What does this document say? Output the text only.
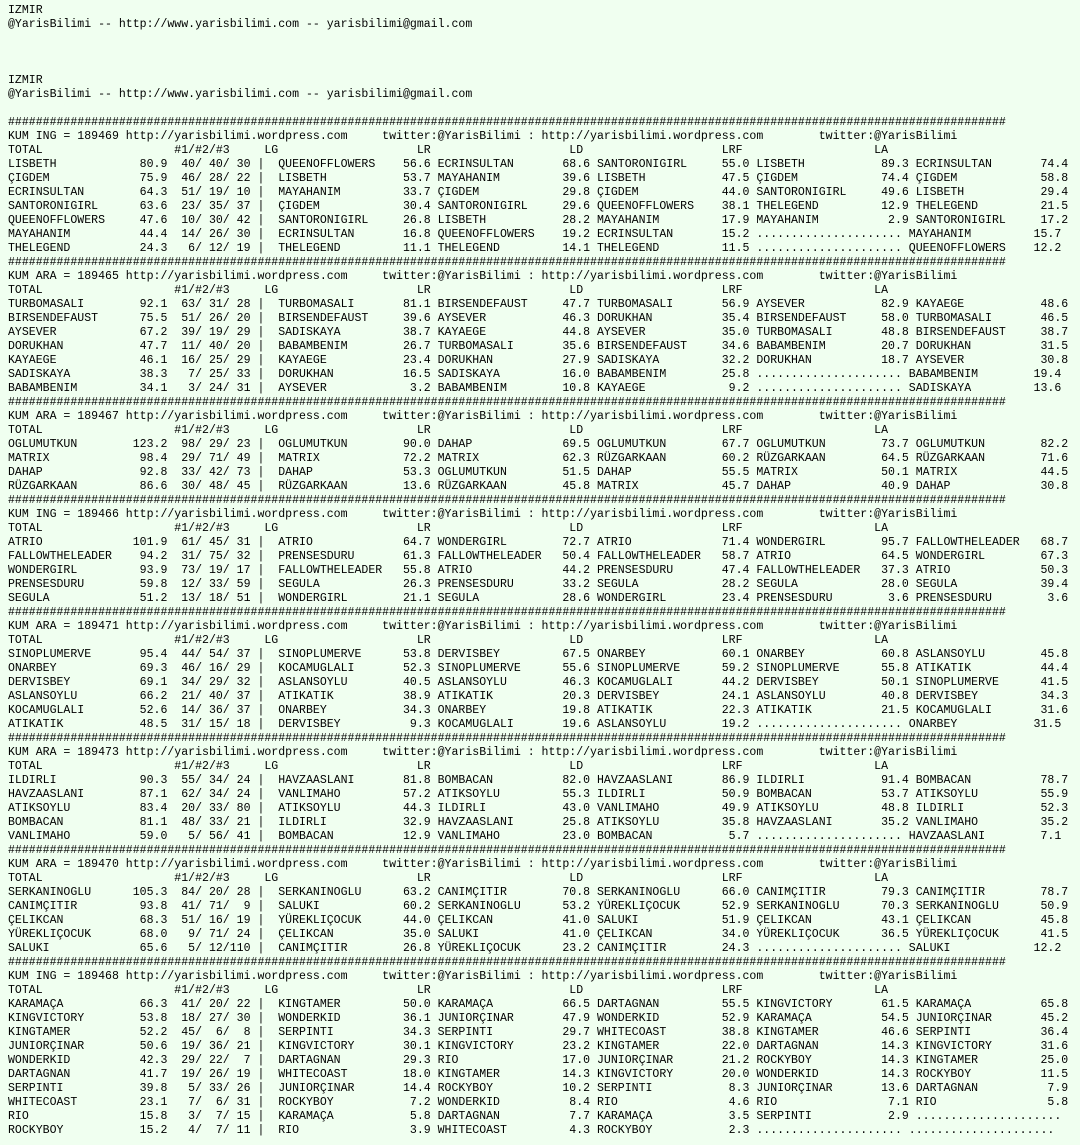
IZMIR
@YarisBilimi -- http://www.yarisbilimi.com -- yarisbilimi@gmail.com
IZMIR
@YarisBilimi -- http://www.yarisbilimi.com -- yarisbilimi@gmail.com
################################################################################################################################################
KUM ING = 189469 http://yarisbilimi.wordpress.com     twitter:@YarisBilimi : http://yarisbilimi.wordpress.com        twitter:@YarisBilimi
TOTAL                   #1/#2/#3     LG                    LR                    LD                    LRF                   LA
LISBETH            80.9  40/ 40/ 30 |  QUEENOFFLOWERS    56.6 ECRINSULTAN       68.6 SANTORONIGIRL     55.0 LISBETH           89.3 ECRINSULTAN       74.4
ÇIGDEM             75.9  46/ 28/ 22 |  LISBETH           53.7 MAYAHANIM         39.6 LISBETH           47.5 ÇIGDEM            74.4 ÇIGDEM            58.8
ECRINSULTAN        64.3  51/ 19/ 10 |  MAYAHANIM         33.7 ÇIGDEM            29.8 ÇIGDEM            44.0 SANTORONIGIRL     49.6 LISBETH           29.4
SANTORONIGIRL      63.6  23/ 35/ 37 |  ÇIGDEM            30.4 SANTORONIGIRL     29.6 QUEENOFFLOWERS    38.1 THELEGEND         12.9 THELEGEND         21.5
QUEENOFFLOWERS     47.6  10/ 30/ 42 |  SANTORONIGIRL     26.8 LISBETH           28.2 MAYAHANIM         17.9 MAYAHANIM          2.9 SANTORONIGIRL     17.2
MAYAHANIM          44.4  14/ 26/ 30 |  ECRINSULTAN       16.8 QUEENOFFLOWERS    19.2 ECRINSULTAN       15.2 ..................... MAYAHANIM         15.7
THELEGEND          24.3   6/ 12/ 19 |  THELEGEND         11.1 THELEGEND         14.1 THELEGEND         11.5 ..................... QUEENOFFLOWERS    12.2
################################################################################################################################################
KUM ARA = 189465 http://yarisbilimi.wordpress.com     twitter:@YarisBilimi : http://yarisbilimi.wordpress.com        twitter:@YarisBilimi
TOTAL                   #1/#2/#3     LG                    LR                    LD                    LRF                   LA
TURBOMASALI        92.1  63/ 31/ 28 |  TURBOMASALI       81.1 BIRSENDEFAUST     47.7 TURBOMASALI       56.9 AYSEVER           82.9 KAYAEGE           48.6
BIRSENDEFAUST      75.5  51/ 26/ 20 |  BIRSENDEFAUST     39.6 AYSEVER           46.3 DORUKHAN          35.4 BIRSENDEFAUST     58.0 TURBOMASALI       46.5
AYSEVER            67.2  39/ 19/ 29 |  SADISKAYA         38.7 KAYAEGE           44.8 AYSEVER           35.0 TURBOMASALI       48.8 BIRSENDEFAUST     38.7
DORUKHAN           47.7  11/ 40/ 20 |  BABAMBENIM        26.7 TURBOMASALI       35.6 BIRSENDEFAUST     34.6 BABAMBENIM        20.7 DORUKHAN          31.5
KAYAEGE            46.1  16/ 25/ 29 |  KAYAEGE           23.4 DORUKHAN          27.9 SADISKAYA         32.2 DORUKHAN          18.7 AYSEVER           30.8
SADISKAYA          38.3   7/ 25/ 33 |  DORUKHAN          16.5 SADISKAYA         16.0 BABAMBENIM        25.8 ..................... BABAMBENIM        19.4
BABAMBENIM         34.1   3/ 24/ 31 |  AYSEVER            3.2 BABAMBENIM        10.8 KAYAEGE            9.2 ..................... SADISKAYA         13.6
################################################################################################################################################
KUM ARA = 189467 http://yarisbilimi.wordpress.com     twitter:@YarisBilimi : http://yarisbilimi.wordpress.com        twitter:@YarisBilimi
TOTAL                   #1/#2/#3     LG                    LR                    LD                    LRF                   LA
OGLUMUTKUN        123.2  98/ 29/ 23 |  OGLUMUTKUN        90.0 DAHAP             69.5 OGLUMUTKUN        67.7 OGLUMUTKUN        73.7 OGLUMUTKUN        82.2
MATRIX             98.4  29/ 71/ 49 |  MATRIX            72.2 MATRIX            62.3 RÜZGARKAAN        60.2 RÜZGARKAAN        64.5 RÜZGARKAAN        71.6
DAHAP              92.8  33/ 42/ 73 |  DAHAP             53.3 OGLUMUTKUN        51.5 DAHAP             55.5 MATRIX            50.1 MATRIX            44.5
RÜZGARKAAN         86.6  30/ 48/ 45 |  RÜZGARKAAN        13.6 RÜZGARKAAN        45.8 MATRIX            45.7 DAHAP             40.9 DAHAP             30.8
################################################################################################################################################
KUM ING = 189466 http://yarisbilimi.wordpress.com     twitter:@YarisBilimi : http://yarisbilimi.wordpress.com        twitter:@YarisBilimi
TOTAL                   #1/#2/#3     LG                    LR                    LD                    LRF                   LA
ATRIO             101.9  61/ 45/ 31 |  ATRIO             64.7 WONDERGIRL        72.7 ATRIO             71.4 WONDERGIRL        95.7 FALLOWTHELEADER   68.7
FALLOWTHELEADER    94.2  31/ 75/ 32 |  PRENSESDURU       61.3 FALLOWTHELEADER   50.4 FALLOWTHELEADER   58.7 ATRIO             64.5 WONDERGIRL        67.3
WONDERGIRL         93.9  73/ 19/ 17 |  FALLOWTHELEADER   55.8 ATRIO             44.2 PRENSESDURU       47.4 FALLOWTHELEADER   37.3 ATRIO             50.3
PRENSESDURU        59.8  12/ 33/ 59 |  SEGULA            26.3 PRENSESDURU       33.2 SEGULA            28.2 SEGULA            28.0 SEGULA            39.4
SEGULA             51.2  13/ 18/ 51 |  WONDERGIRL        21.1 SEGULA            28.6 WONDERGIRL        23.4 PRENSESDURU        3.6 PRENSESDURU        3.6
################################################################################################################################################
KUM ARA = 189471 http://yarisbilimi.wordpress.com     twitter:@YarisBilimi : http://yarisbilimi.wordpress.com        twitter:@YarisBilimi
TOTAL                   #1/#2/#3     LG                    LR                    LD                    LRF                   LA
SINOPLUMERVE       95.4  44/ 54/ 37 |  SINOPLUMERVE      53.8 DERVISBEY         67.5 ONARBEY           60.1 ONARBEY           60.8 ASLANSOYLU        45.8
ONARBEY            69.3  46/ 16/ 29 |  KOCAMUGLALI       52.3 SINOPLUMERVE      55.6 SINOPLUMERVE      59.2 SINOPLUMERVE      55.8 ATIKATIK          44.4
DERVISBEY          69.1  34/ 29/ 32 |  ASLANSOYLU        40.5 ASLANSOYLU        46.3 KOCAMUGLALI       44.2 DERVISBEY         50.1 SINOPLUMERVE      41.5
ASLANSOYLU         66.2  21/ 40/ 37 |  ATIKATIK          38.9 ATIKATIK          20.3 DERVISBEY         24.1 ASLANSOYLU        40.8 DERVISBEY         34.3
KOCAMUGLALI        52.6  14/ 36/ 37 |  ONARBEY           34.3 ONARBEY           19.8 ATIKATIK          22.3 ATIKATIK          21.5 KOCAMUGLALI       31.6
ATIKATIK           48.5  31/ 15/ 18 |  DERVISBEY          9.3 KOCAMUGLALI       19.6 ASLANSOYLU        19.2 ..................... ONARBEY           31.5
################################################################################################################################################
KUM ARA = 189473 http://yarisbilimi.wordpress.com     twitter:@YarisBilimi : http://yarisbilimi.wordpress.com        twitter:@YarisBilimi
TOTAL                   #1/#2/#3     LG                    LR                    LD                    LRF                   LA
ILDIRLI            90.3  55/ 34/ 24 |  HAVZAASLANI       81.8 BOMBACAN          82.0 HAVZAASLANI       86.9 ILDIRLI           91.4 BOMBACAN          78.7
HAVZAASLANI        87.1  62/ 34/ 24 |  VANLIMAHO         57.2 ATIKSOYLU         55.3 ILDIRLI           50.9 BOMBACAN          53.7 ATIKSOYLU         55.9
ATIKSOYLU          83.4  20/ 33/ 80 |  ATIKSOYLU         44.3 ILDIRLI           43.0 VANLIMAHO         49.9 ATIKSOYLU         48.8 ILDIRLI           52.3
BOMBACAN           81.1  48/ 33/ 21 |  ILDIRLI           32.9 HAVZAASLANI       25.8 ATIKSOYLU         35.8 HAVZAASLANI       35.2 VANLIMAHO         35.2
VANLIMAHO          59.0   5/ 56/ 41 |  BOMBACAN          12.9 VANLIMAHO         23.0 BOMBACAN           5.7 ..................... HAVZAASLANI        7.1
################################################################################################################################################
KUM ARA = 189470 http://yarisbilimi.wordpress.com     twitter:@YarisBilimi : http://yarisbilimi.wordpress.com        twitter:@YarisBilimi
TOTAL                   #1/#2/#3     LG                    LR                    LD                    LRF                   LA
SERKANINOGLU      105.3  84/ 20/ 28 |  SERKANINOGLU      63.2 CANIMÇITIR        70.8 SERKANINOGLU      66.0 CANIMÇITIR        79.3 CANIMÇITIR        78.7
CANIMÇITIR         93.8  41/ 71/  9 |  SALUKI            60.2 SERKANINOGLU      53.2 YÜREKLIÇOCUK      52.9 SERKANINOGLU      70.3 SERKANINOGLU      50.9
ÇELIKCAN           68.3  51/ 16/ 19 |  YÜREKLIÇOCUK      44.0 ÇELIKCAN          41.0 SALUKI            51.9 ÇELIKCAN          43.1 ÇELIKCAN          45.8
YÜREKLIÇOCUK       68.0   9/ 71/ 24 |  ÇELIKCAN          35.0 SALUKI            41.0 ÇELIKCAN          34.0 YÜREKLIÇOCUK      36.5 YÜREKLIÇOCUK      41.5
SALUKI             65.6   5/ 12/110 |  CANIMÇITIR        26.8 YÜREKLIÇOCUK      23.2 CANIMÇITIR        24.3 ..................... SALUKI            12.2
################################################################################################################################################
KUM ING = 189468 http://yarisbilimi.wordpress.com     twitter:@YarisBilimi : http://yarisbilimi.wordpress.com        twitter:@YarisBilimi
TOTAL                   #1/#2/#3     LG                    LR                    LD                    LRF                   LA
KARAMAÇA           66.3  41/ 20/ 22 |  KINGTAMER         50.0 KARAMAÇA          66.5 DARTAGNAN         55.5 KINGVICTORY       61.5 KARAMAÇA          65.8
KINGVICTORY        53.8  18/ 27/ 30 |  WONDERKID         36.1 JUNIORÇINAR       47.9 WONDERKID         52.9 KARAMAÇA          54.5 JUNIORÇINAR       45.2
KINGTAMER          52.2  45/  6/  8 |  SERPINTI          34.3 SERPINTI          29.7 WHITECOAST        38.8 KINGTAMER         46.6 SERPINTI          36.4
JUNIORÇINAR        50.6  19/ 36/ 21 |  KINGVICTORY       30.1 KINGVICTORY       23.2 KINGTAMER         22.0 DARTAGNAN         14.3 KINGVICTORY       31.6
WONDERKID          42.3  29/ 22/  7 |  DARTAGNAN         29.3 RIO               17.0 JUNIORÇINAR       21.2 ROCKYBOY          14.3 KINGTAMER         25.0
DARTAGNAN          41.7  19/ 26/ 19 |  WHITECOAST        18.0 KINGTAMER         14.3 KINGVICTORY       20.0 WONDERKID         14.3 ROCKYBOY          11.5
SERPINTI           39.8   5/ 33/ 26 |  JUNIORÇINAR       14.4 ROCKYBOY          10.2 SERPINTI           8.3 JUNIORÇINAR       13.6 DARTAGNAN          7.9
WHITECOAST         23.1   7/  6/ 31 |  ROCKYBOY           7.2 WONDERKID          8.4 RIO                4.6 RIO                7.1 RIO                5.8
RIO                15.8   3/  7/ 15 |  KARAMAÇA           5.8 DARTAGNAN          7.7 KARAMAÇA           3.5 SERPINTI           2.9 .....................
ROCKYBOY           15.2   4/  7/ 11 |  RIO                3.9 WHITECOAST         4.3 ROCKYBOY           2.3 ..................... .....................
